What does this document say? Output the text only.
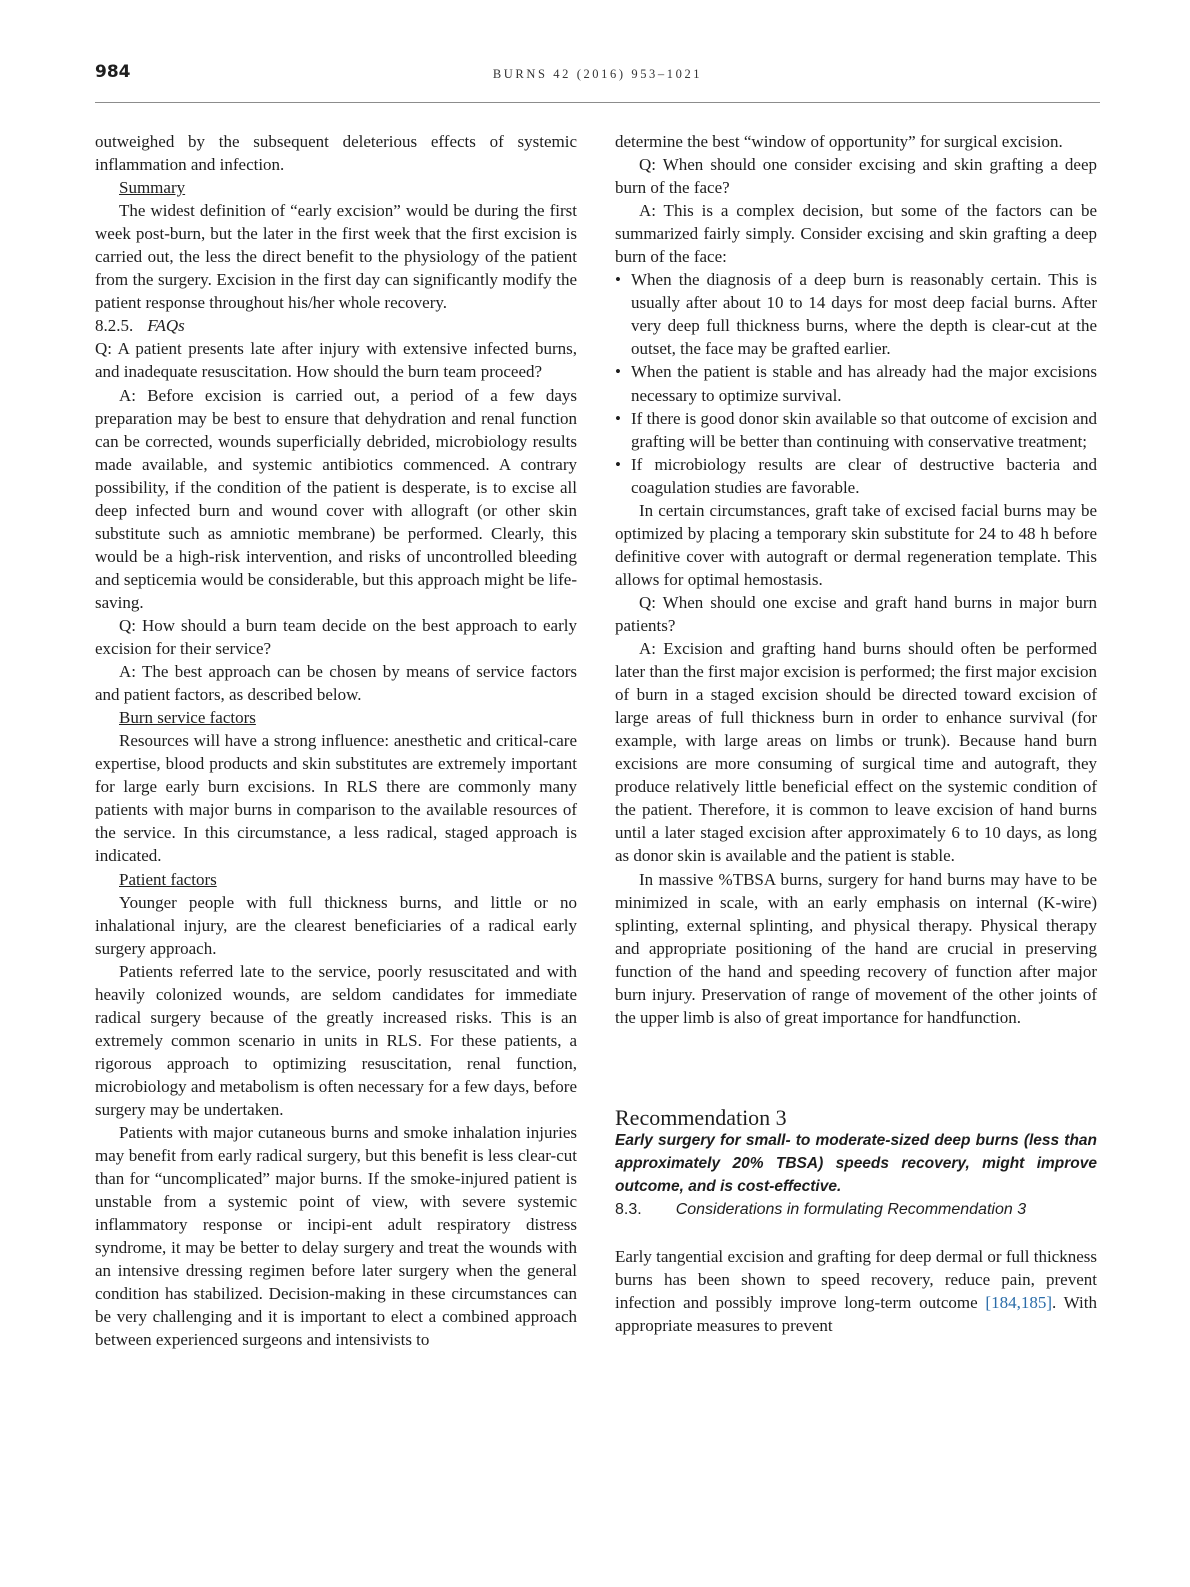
984	BURNS 42 (2016) 953–1021

outweighed by the subsequent deleterious effects of systemic inflammation and infection.

Summary

The widest definition of “early excision” would be during the first week post-burn, but the later in the first week that the first excision is carried out, the less the direct benefit to the physiology of the patient from the surgery. Excision in the first day can significantly modify the patient response throughout his/her whole recovery.

8.2.5. FAQs

Q: A patient presents late after injury with extensive infected burns, and inadequate resuscitation. How should the burn team proceed?

A: Before excision is carried out, a period of a few days preparation may be best to ensure that dehydration and renal function can be corrected, wounds superficially debrided, microbiology results made available, and systemic antibiotics commenced. A contrary possibility, if the condition of the patient is desperate, is to excise all deep infected burn and wound cover with allograft (or other skin substitute such as amniotic membrane) be performed. Clearly, this would be a high-risk intervention, and risks of uncontrolled bleeding and septicemia would be considerable, but this approach might be life-saving.

Q: How should a burn team decide on the best approach to early excision for their service?

A: The best approach can be chosen by means of service factors and patient factors, as described below.

Burn service factors

Resources will have a strong influence: anesthetic and critical-care expertise, blood products and skin substitutes are extremely important for large early burn excisions. In RLS there are commonly many patients with major burns in comparison to the available resources of the service. In this circumstance, a less radical, staged approach is indicated.

Patient factors

Younger people with full thickness burns, and little or no inhalational injury, are the clearest beneficiaries of a radical early surgery approach.

Patients referred late to the service, poorly resuscitated and with heavily colonized wounds, are seldom candidates for immediate radical surgery because of the greatly increased risks. This is an extremely common scenario in units in RLS. For these patients, a rigorous approach to optimizing resuscitation, renal function, microbiology and metabolism is often necessary for a few days, before surgery may be undertaken.

Patients with major cutaneous burns and smoke inhalation injuries may benefit from early radical surgery, but this benefit is less clear-cut than for “uncomplicated” major burns. If the smoke-injured patient is unstable from a systemic point of view, with severe systemic inflammatory response or incipi-ent adult respiratory distress syndrome, it may be better to delay surgery and treat the wounds with an intensive dressing regimen before later surgery when the general condition has stabilized. Decision-making in these circumstances can be very challenging and it is important to elect a combined approach between experienced surgeons and intensivists to

determine the best “window of opportunity” for surgical excision.

Q: When should one consider excising and skin grafting a deep burn of the face?

A: This is a complex decision, but some of the factors can be summarized fairly simply. Consider excising and skin grafting a deep burn of the face:

• When the diagnosis of a deep burn is reasonably certain. This is usually after about 10 to 14 days for most deep facial burns. After very deep full thickness burns, where the depth is clear-cut at the outset, the face may be grafted earlier.
• When the patient is stable and has already had the major excisions necessary to optimize survival.
• If there is good donor skin available so that outcome of excision and grafting will be better than continuing with conservative treatment;
• If microbiology results are clear of destructive bacteria and coagulation studies are favorable.

In certain circumstances, graft take of excised facial burns may be optimized by placing a temporary skin substitute for 24 to 48 h before definitive cover with autograft or dermal regeneration template. This allows for optimal hemostasis.

Q: When should one excise and graft hand burns in major burn patients?

A: Excision and grafting hand burns should often be performed later than the first major excision is performed; the first major excision of burn in a staged excision should be directed toward excision of large areas of full thickness burn in order to enhance survival (for example, with large areas on limbs or trunk). Because hand burn excisions are more consuming of surgical time and autograft, they produce relatively little beneficial effect on the systemic condition of the patient. Therefore, it is common to leave excision of hand burns until a later staged excision after approximately 6 to 10 days, as long as donor skin is available and the patient is stable.

In massive %TBSA burns, surgery for hand burns may have to be minimized in scale, with an early emphasis on internal (K-wire) splinting, external splinting, and physical therapy. Physical therapy and appropriate positioning of the hand are crucial in preserving function of the hand and speeding recovery of function after major burn injury. Preservation of range of movement of the other joints of the upper limb is also of great importance for handfunction.

Recommendation 3

Early surgery for small- to moderate-sized deep burns (less than approximately 20% TBSA) speeds recovery, might improve outcome, and is cost-effective.

8.3. Considerations in formulating Recommendation 3

Early tangential excision and grafting for deep dermal or full thickness burns has been shown to speed recovery, reduce pain, prevent infection and possibly improve long-term outcome [184,185]. With appropriate measures to prevent
